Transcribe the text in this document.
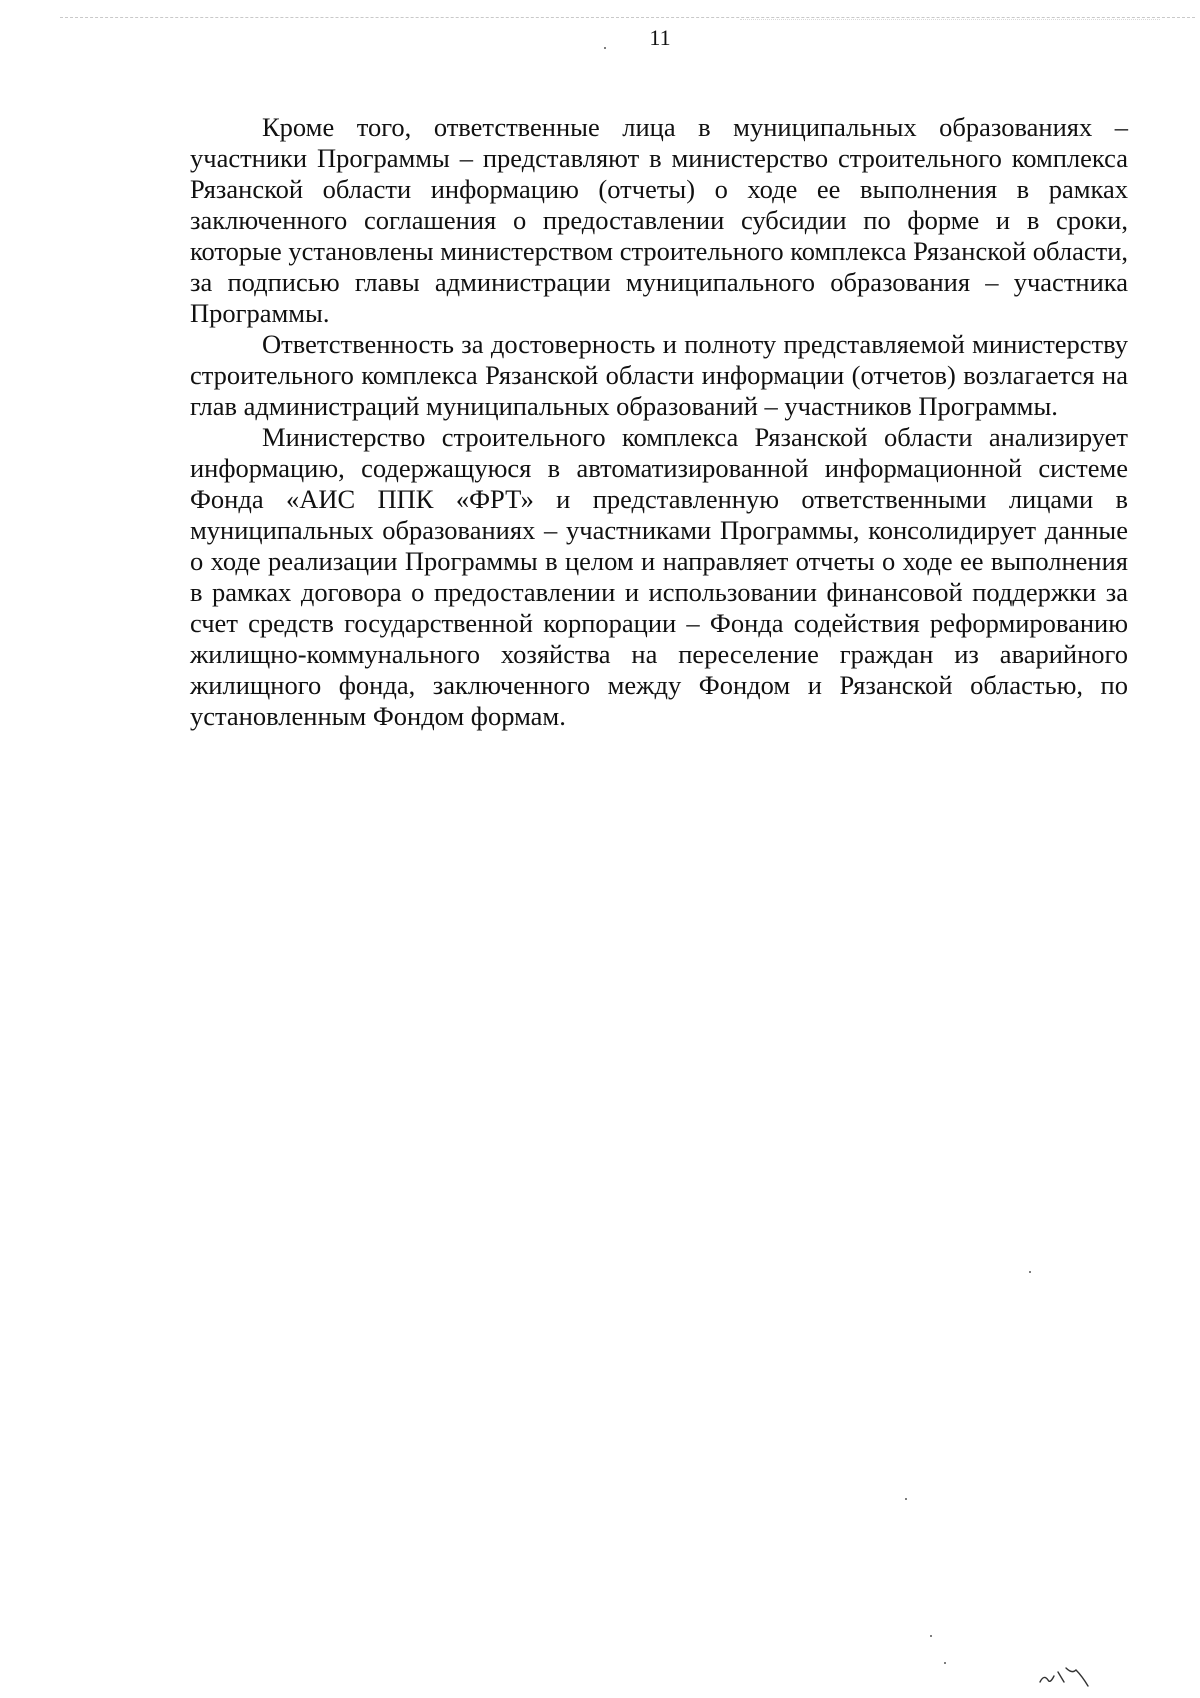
11

Кроме того, ответственные лица в муниципальных образованиях – участники Программы – представляют в министерство строительного комплекса Рязанской области информацию (отчеты) о ходе ее выполнения в рамках заключенного соглашения о предоставлении субсидии по форме и в сроки, которые установлены министерством строительного комплекса Рязанской области, за подписью главы администрации муниципального образования – участника Программы.

Ответственность за достоверность и полноту представляемой министерству строительного комплекса Рязанской области информации (отчетов) возлагается на глав администраций муниципальных образований – участников Программы.

Министерство строительного комплекса Рязанской области анализирует информацию, содержащуюся в автоматизированной информационной системе Фонда «АИС ППК «ФРТ» и представленную ответственными лицами в муниципальных образованиях – участниками Программы, консолидирует данные о ходе реализации Программы в целом и направляет отчеты о ходе ее выполнения в рамках договора о предоставлении и использовании финансовой поддержки за счет средств государственной корпорации – Фонда содействия реформированию жилищно-коммунального хозяйства на переселение граждан из аварийного жилищного фонда, заключенного между Фондом и Рязанской областью, по установленным Фондом формам.
